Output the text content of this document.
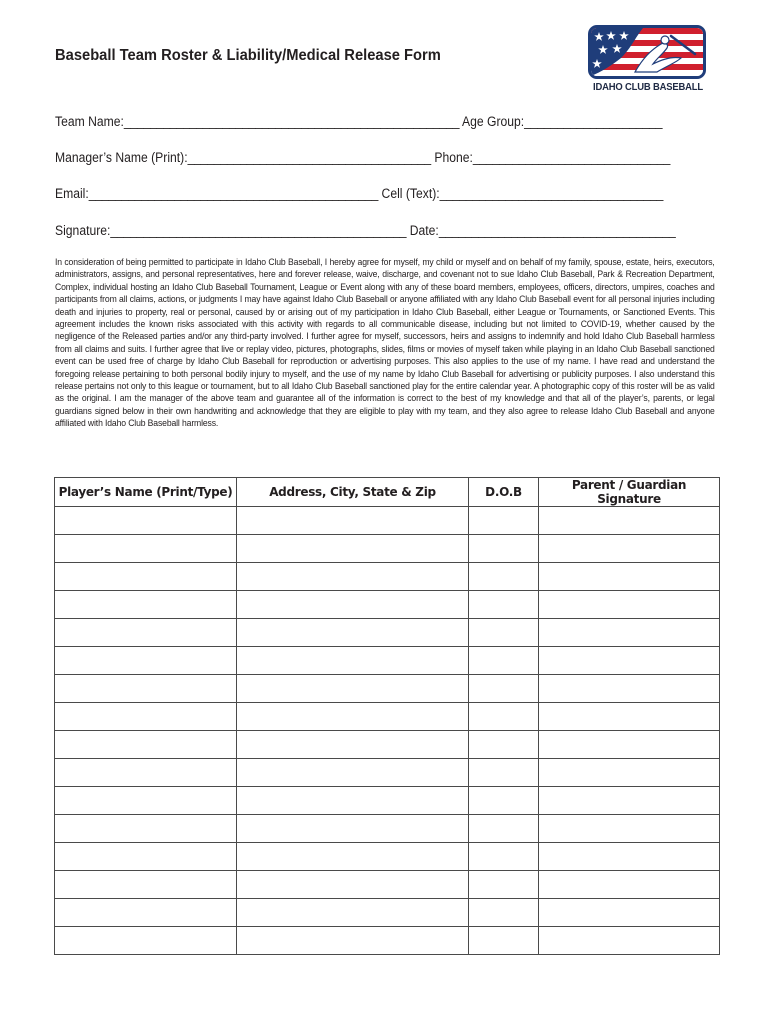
Baseball Team Roster & Liability/Medical Release Form
IDAHO CLUB BASEBALL
Team Name:___________________________________________________ Age Group:_____________________
Manager’s Name (Print):_____________________________________ Phone:______________________________
Email:____________________________________________ Cell (Text):__________________________________
Signature:_____________________________________________ Date:____________________________________
In consideration of being permitted to participate in Idaho Club Baseball, I hereby agree for myself, my child or myself and on behalf of my family, spouse, estate, heirs, executors, administrators, assigns, and personal representatives, here and forever release, waive, discharge, and covenant not to sue Idaho Club Baseball, Park & Recreation Department, Complex, individual hosting an Idaho Club Baseball Tournament, League or Event along with any of these board members, employees, officers, directors, umpires, coaches and participants from all claims, actions, or judgments I may have against Idaho Club Baseball or anyone affiliated with any Idaho Club Baseball event for all personal injuries including death and injuries to property, real or personal, caused by or arising out of my participation in Idaho Club Baseball, either League or Tournaments, or Sanctioned Events. This agreement includes the known risks associated with this activity with regards to all communicable disease, including but not limited to COVID-19, whether caused by the negligence of the Released parties and/or any third-party involved. I further agree for myself, successors, heirs and assigns to indemnify and hold Idaho Club Baseball harmless from all claims and suits. I further agree that live or replay video, pictures, photographs, slides, films or movies of myself taken while playing in an Idaho Club Baseball sanctioned event can be used free of charge by Idaho Club Baseball for reproduction or advertising purposes. This also applies to the use of my name. I have read and understand the foregoing release pertaining to both personal bodily injury to myself, and the use of my name by Idaho Club Baseball for advertising or publicity purposes. I also understand this release pertains not only to this league or tournament, but to all Idaho Club Baseball sanctioned play for the entire calendar year. A photographic copy of this roster will be as valid as the original. I am the manager of the above team and guarantee all of the information is correct to the best of my knowledge and that all of the player’s, parents, or legal guardians signed below in their own handwriting and acknowledge that they are eligible to play with my team, and they also agree to release Idaho Club Baseball and anyone affiliated with Idaho Club Baseball harmless.
Player’s Name (Print/Type)	Address, City, State & Zip	D.O.B	Parent / Guardian Signature
